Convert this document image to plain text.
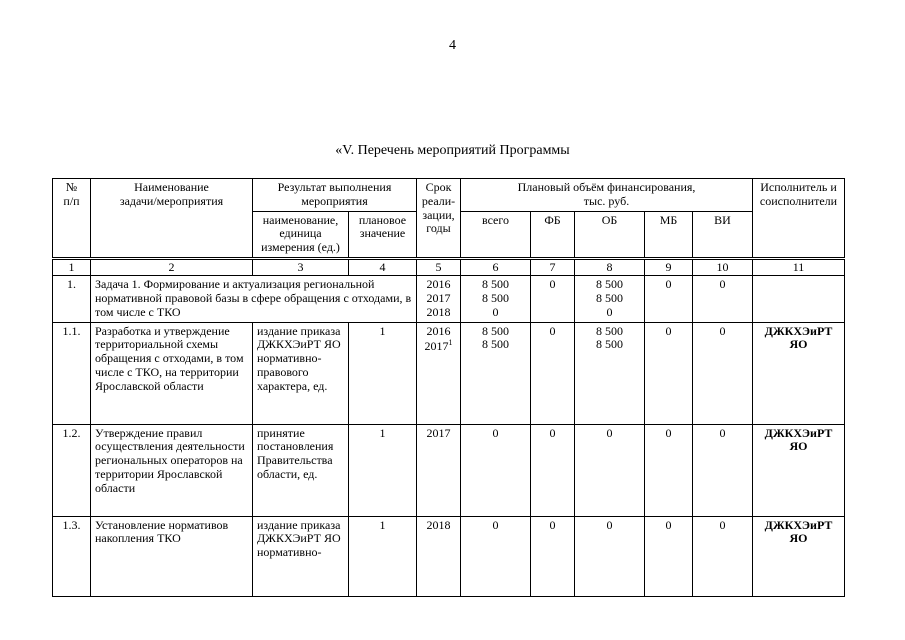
4
«V. Перечень мероприятий Программы
№
п/п	Наименование
задачи/мероприятия	Результат выполнения
мероприятия		Срок
реали-
зации,
годы	Плановый объём финансирования,
тыс. руб.					Исполнитель и
соисполнители
		наименование,
единица
измерения (ед.)	плановое
значение		всего	ФБ	ОБ	МБ	ВИ	
1	2	3	4	5	6	7	8	9	10	11
1.	Задача 1. Формирование и актуализация региональной нормативной правовой базы в сфере обращения с отходами, в том числе с ТКО			2016
2017
2018	8 500
8 500
0	0	8 500
8 500
0	0	0	
1.1.	Разработка и утверждение территориальной схемы обращения с отходами, в том числе с ТКО, на территории Ярославской области	издание приказа ДЖКХЭиРТ ЯО нормативно-правового характера, ед.	1	2016
2017$^1$	8 500
8 500	0	8 500
8 500	0	0	ДЖКХЭиРТ
ЯО
1.2.	Утверждение правил осуществления деятельности региональных операторов на территории Ярославской области	принятие постановления Правительства области, ед.	1	2017	0	0	0	0	0	ДЖКХЭиРТ
ЯО
1.3.	Установление нормативов накопления ТКО	издание приказа ДЖКХЭиРТ ЯО нормативно-	1	2018	0	0	0	0	0	ДЖКХЭиРТ
ЯО
